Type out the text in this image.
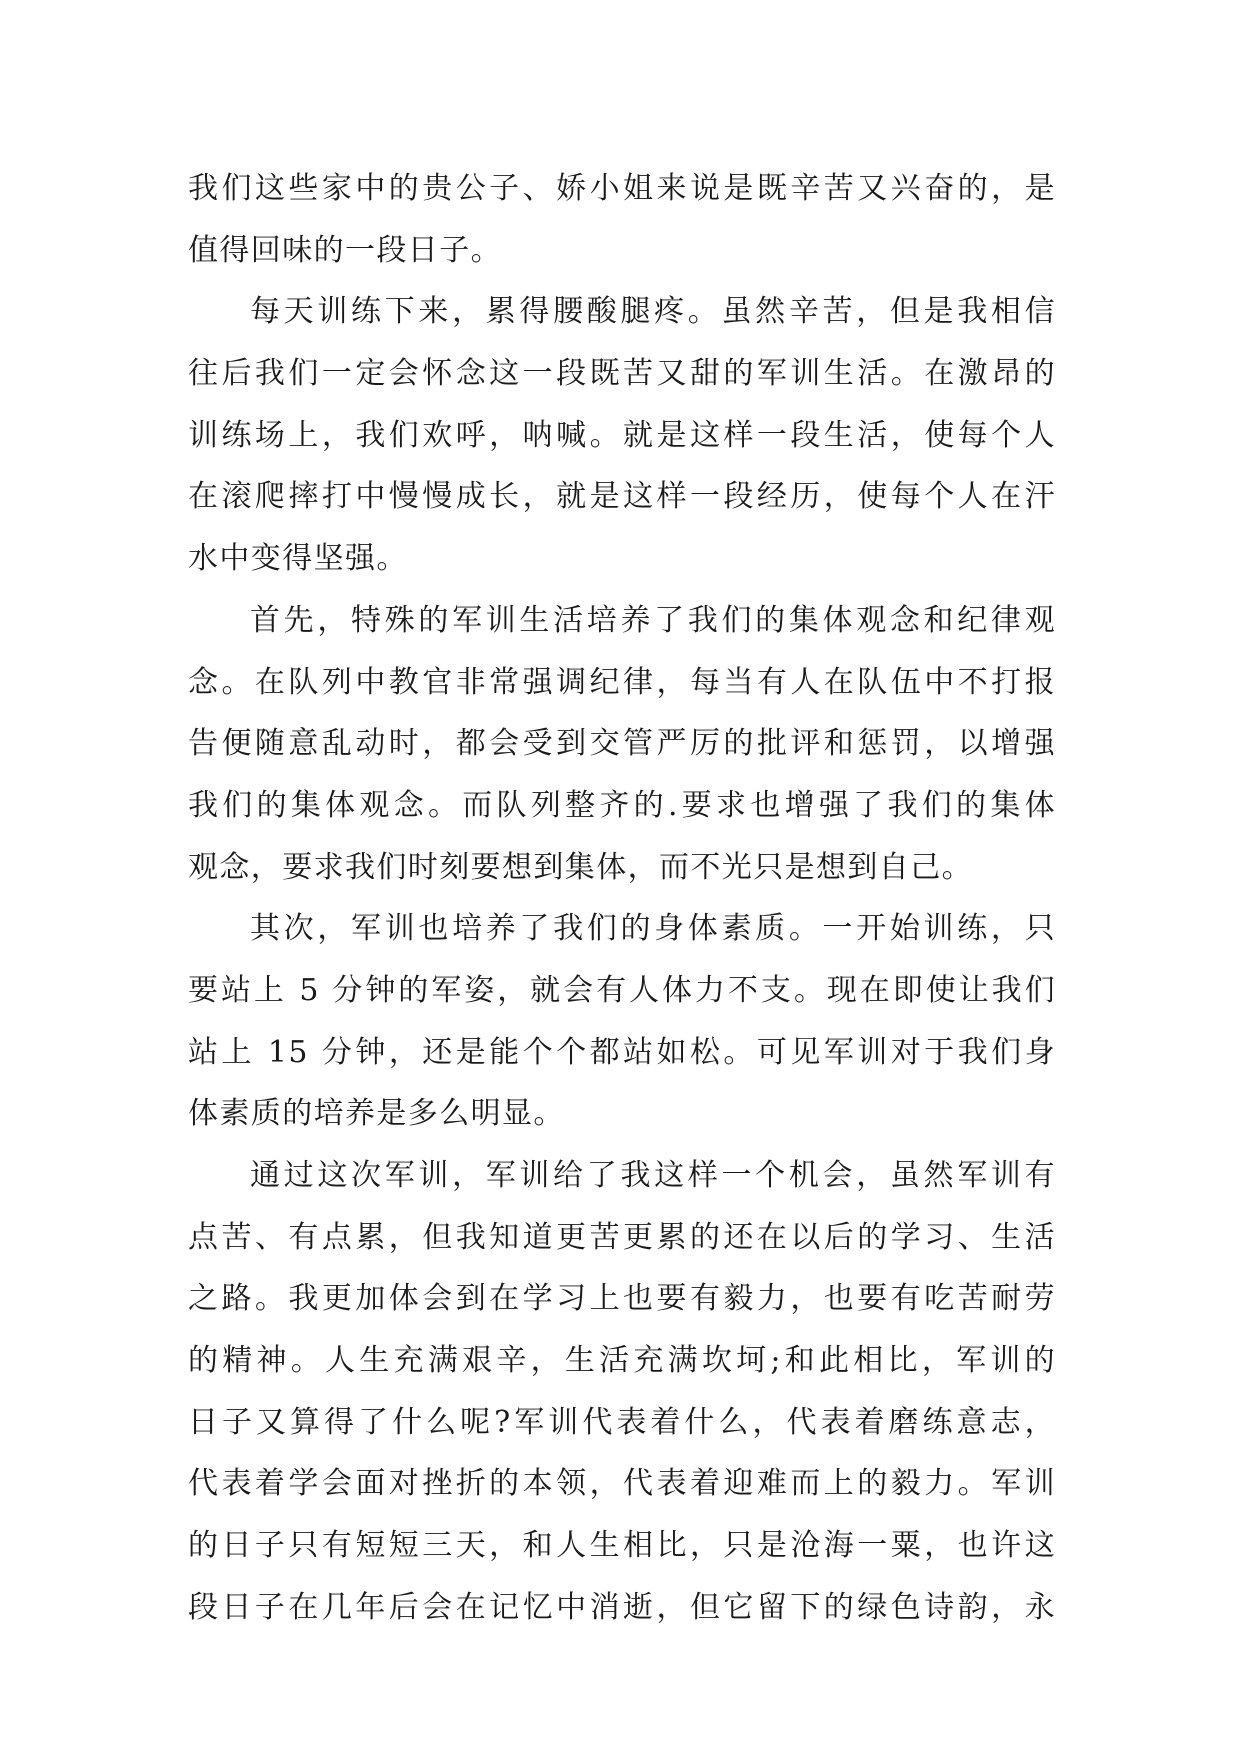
我们这些家中的贵公子、娇小姐来说是既辛苦又兴奋的，是
值得回味的一段日子。
每天训练下来，累得腰酸腿疼。虽然辛苦，但是我相信
往后我们一定会怀念这一段既苦又甜的军训生活。在激昂的
训练场上，我们欢呼，呐喊。就是这样一段生活，使每个人
在滚爬摔打中慢慢成长，就是这样一段经历，使每个人在汗
水中变得坚强。
首先，特殊的军训生活培养了我们的集体观念和纪律观
念。在队列中教官非常强调纪律，每当有人在队伍中不打报
告便随意乱动时，都会受到交管严厉的批评和惩罚，以增强
我们的集体观念。而队列整齐的.要求也增强了我们的集体
观念，要求我们时刻要想到集体，而不光只是想到自己。
其次，军训也培养了我们的身体素质。一开始训练，只
要站上 5 分钟的军姿，就会有人体力不支。现在即使让我们
站上 15 分钟，还是能个个都站如松。可见军训对于我们身
体素质的培养是多么明显。
通过这次军训，军训给了我这样一个机会，虽然军训有
点苦、有点累，但我知道更苦更累的还在以后的学习、生活
之路。我更加体会到在学习上也要有毅力，也要有吃苦耐劳
的精神。人生充满艰辛，生活充满坎坷;和此相比，军训的
日子又算得了什么呢?军训代表着什么，代表着磨练意志，
代表着学会面对挫折的本领，代表着迎难而上的毅力。军训
的日子只有短短三天，和人生相比，只是沧海一粟，也许这
段日子在几年后会在记忆中消逝，但它留下的绿色诗韵，永
